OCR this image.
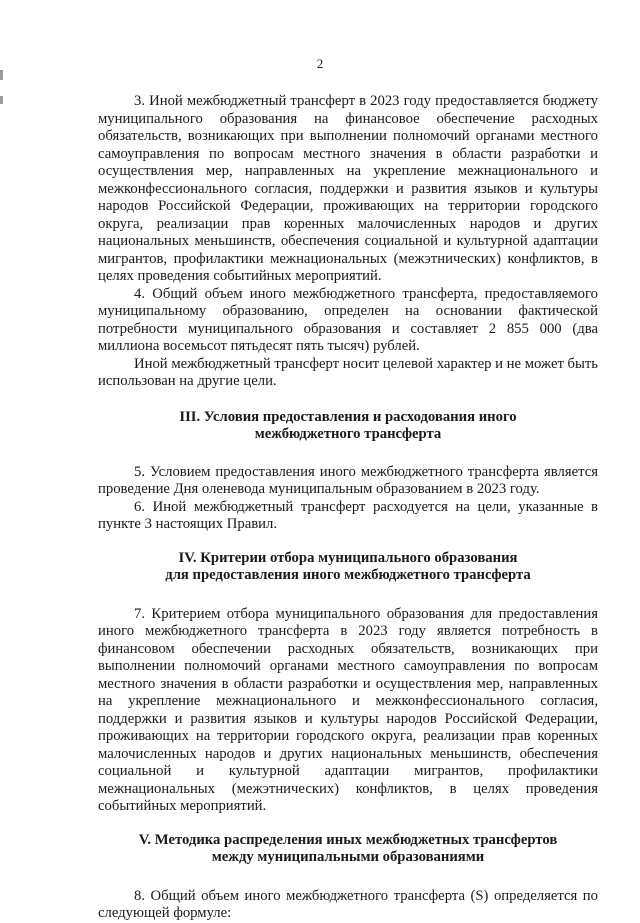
2

3. Иной межбюджетный трансферт в 2023 году предоставляется бюджету муниципального образования на финансовое обеспечение расходных обязательств, возникающих при выполнении полномочий органами местного самоуправления по вопросам местного значения в области разработки и осуществления мер, направленных на укрепление межнационального и межконфессионального согласия, поддержки и развития языков и культуры народов Российской Федерации, проживающих на территории городского округа, реализации прав коренных малочисленных народов и других национальных меньшинств, обеспечения социальной и культурной адаптации мигрантов, профилактики межнациональных (межэтнических) конфликтов, в целях проведения событийных мероприятий.

4. Общий объем иного межбюджетного трансферта, предоставляемого муниципальному образованию, определен на основании фактической потребности муниципального образования и составляет 2 855 000 (два миллиона восемьсот пятьдесят пять тысяч) рублей.

Иной межбюджетный трансферт носит целевой характер и не может быть использован на другие цели.

III. Условия предоставления и расходования иного
межбюджетного трансферта

5. Условием предоставления иного межбюджетного трансферта является проведение Дня оленевода муниципальным образованием в 2023 году.

6. Иной межбюджетный трансферт расходуется на цели, указанные в пункте 3 настоящих Правил.

IV. Критерии отбора муниципального образования
для предоставления иного межбюджетного трансферта

7. Критерием отбора муниципального образования для предоставления иного межбюджетного трансферта в 2023 году является потребность в финансовом обеспечении расходных обязательств, возникающих при выполнении полномочий органами местного самоуправления по вопросам местного значения в области разработки и осуществления мер, направленных на укрепление межнационального и межконфессионального согласия, поддержки и развития языков и культуры народов Российской Федерации, проживающих на территории городского округа, реализации прав коренных малочисленных народов и других национальных меньшинств, обеспечения социальной и культурной адаптации мигрантов, профилактики межнациональных (межэтнических) конфликтов, в целях проведения событийных мероприятий.

V. Методика распределения иных межбюджетных трансфертов
между муниципальными образованиями

8. Общий объем иного межбюджетного трансферта (S) определяется по следующей формуле:
